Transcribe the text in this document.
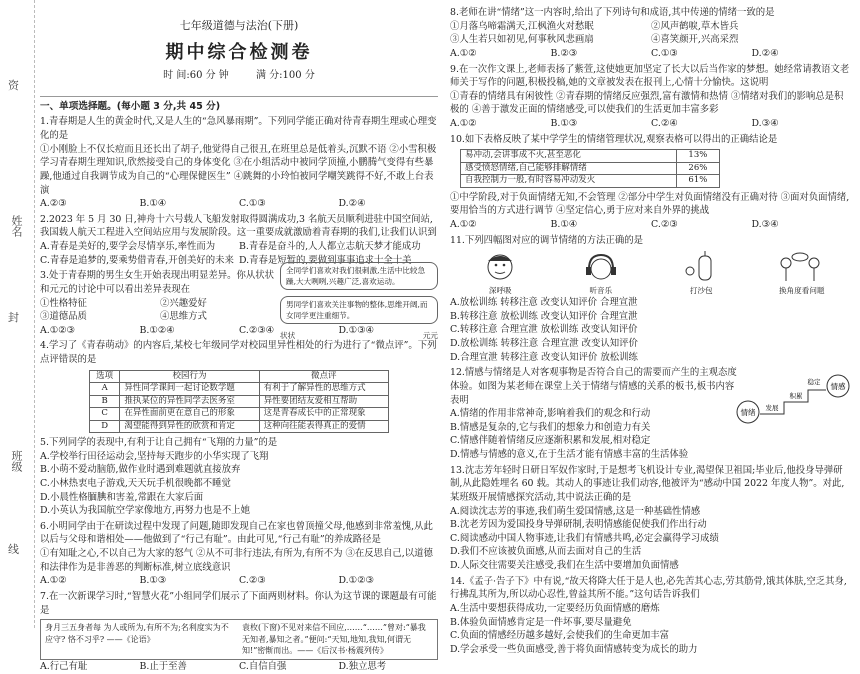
资
姓名
封
班级
线
七年级道德与法治(下册)
期中综合检测卷
时 间:60 分 钟	满 分:100 分
一、单项选择题。(每小题 3 分,共 45 分)

1.青春期是人生的黄金时代,又是人生的“急风暴雨期”。下列同学能正确对待青春期生理或心理变化的是

①小刚脸上不仅长痘而且还长出了胡子,他觉得自己很丑,在班里总是低着头,沉默不语 ②小雪积极学习青春期生理知识,欣然接受自己的身体变化 ③在小组活动中被同学顶撞,小鹏腾气变得有些暴躁,他通过自我调节成为自己的“心理保健医生” ④跳舞的小玲怕被同学嘲笑跳得不好,不敢上台表演

A.②③	B.①④	C.①③	D.②④

2.2023 年 5 月 30 日,神舟十六号载人飞船发射取得圆满成功,3 名航天员顺利进驻中国空间站,我国载人航天工程进入空间站应用与发展阶段。这一重要成就激励着青春期的我们,让我们认识到

A.青春是美好的,要学会尽情享乐,率性而为	B.青春是奋斗的,人人都立志航天梦才能成功
C.青春是追梦的,要乘势借青春,开创美好的未来 D.青春是短暂的,要做到事事追求十全十美

3.处于青春期的男生女生开始表现出明显差异。你从状状和元元的讨论中可以看出差异表现在

①性格特征	②兴趣爱好
③道德品质	④思维方式
A.①②③	B.①②④	C.②③④	D.①③④

4.学习了《青春萌动》的内容后,某校七年级同学对校园里异性相处的行为进行了“微点评”。下列点评错误的是

选项	校园行为	微点评
A	异性同学课间一起讨论数学题	有利于了解异性的思维方式
B	推执某位的异性同学去医务室	异性要团结友爱相互帮助
C	在异性面前更在意自己的形象	这是青春成长中的正常现象
D	渴望能得到异性的欣赏和肯定	这种向往能表得真正的爱情

5.下列同学的表现中,有利于让自己拥有“飞翔的力量”的是

A.学校举行田径运动会,坚持每天跑步的小华实现了飞翔

B.小萌不爱动脑筋,做作业时遇到难题就直接放弃

C.小林热衷电子游戏,天天玩手机很晚都不睡觉

D.小晨性格腼腆和害羞,常跟在大家后面

D.小英认为我国航空学家像地方,再努力也是不上她

6.小明同学由于在研读过程中发现了问题,随即发现自己在家也曾顶撞父母,他感到非常羞愧,从此以后与父母和谐相处——他做到了“行己有耻”。由此可见,“行己有耻”的养成路径是

①有知耻之心,不以自己为大家的怒气 ②从不可非行违法,有所为,有所不为 ③在反思自己,以道德和法律作为是非善恶的判断标准,树立底线意识

A.①②	B.①③	C.②③	D.①②③

7.在一次新课学习时,“智慧火花”小组同学们展示了下面两则材料。你认为这节课的课题最有可能是

身月三五身者每 为人或所为,有所不为;名利度实为不应守? 恪不习乎? ——《论语》
袁枚(下窗)不见对来信不回应,……“……”曾对:“暴我无知者,暴知之者。”便问:“天知,地知,我知,何谓无知!”密惭而出。——《后汉书·杨震列传》
A.行己有耻	B.止于至善	C.自信自强	D.独立思考
全同学们喜欢对我们很刺激,生活中比较急躁,大大咧咧,兴趣广泛,喜欢运动。
男同学们喜欢关注事物的整体,思维开阔,而女同学更注重细节。
状状	元元

8.老师在讲“情绪”这一内容时,给出了下列诗句和成语,其中传递的情绪一致的是

①月落乌啼霜满天,江枫渔火对愁眠	②风声鹤唳,草木皆兵
③人生若只如初见,何事秋风悲画扇	④喜笑颜开,兴高采烈
A.①②	B.②③	C.①③	D.②④

9.在一次作文课上,老师表扬了紫萱,这使她更加坚定了长大以后当作家的梦想。她经常请教语文老师关于写作的问题,积极投稿,她的文章被发表在报刊上,心情十分愉快。这说明

①青春的情绪具有闲彼性 ②青春期的情绪反应强烈,富有激情和热情 ③情绪对我们的影响总是积极的 ④善于激发正面的情绪感受,可以使我们的生活更加丰富多彩

A.①②	B.①③	C.②④	D.③④

10.如下表格反映了某中学学生的情绪管理状况,观察表格可以得出的正确结论是

易冲动,会讲事成不火,甚至恶化	13%
感受愤怒情绪,自己能够排解情绪	26%
自我控制力一般,有时容易冲动发火	61%

①中学阶段,对于负面情绪无知,不会管理 ②部分中学生对负面情绪没有正确对待 ③面对负面情绪,要用恰当的方式进行调节 ④坚定信心,勇于应对来自外界的挑战

A.①②	B.①④	C.②③	D.③④

11.下列四幅图对应的调节情绪的方法正确的是

深呼吸	听音乐	打沙包	换角度看问题

A.放松训练 转移注意 改变认知评价 合理宣泄

B.转移注意 放松训练 改变认知评价 合理宣泄

C.转移注意 合理宣泄 放松训练 改变认知评价

D.放松训练 转移注意 合理宣泄 改变认知评价

D.合理宣泄 转移注意 改变认知评价 放松训练

12.情感与情绪是人对客观事物是否符合自己的需要而产生的主观态度体验。如图为某老师在课堂上关于情绪与情感的关系的板书,板书内容表明

A.情绪的作用非常神奇,影响着我们的观念和行动

B.情感是复杂的,它与我们的想象力和创造力有关

C.情感伴随着情绪反应逐渐积累和发展,相对稳定

D.情感与情感的意义,在于生活才能有情感丰富的生活体验

13.沈志芳年轻时日研日军奴作家时,于是想考飞机设计专业,渴望保卫祖国;毕业后,他投身导弹研制,从此隐姓埋名 60 载。其动人的事迹让我们动容,他被评为“感动中国 2022 年度人物”。对此,某班级开展情感探究活动,其中说法正确的是

A.阅读沈志芳的事迹,我们萌生爱国情感,这是一种基础性情感

B.沈老芳因为爱国投身导弹研制,表明情感能促使我们作出行动

C.阅读感动中国人物事迹,让我们有情感共鸣,必定会赢得学习成绩

D.我们不应该被负面感,从而去面对自己的生活

D.人际交往需要关注感受,我们在生活中要增加负面情感

14.《孟子·告子下》中有说,“故天将降大任于是人也,必先苦其心志,劳其筋骨,饿其体肤,空乏其身,行拂乱其所为,所以动心忍性,曾益其所不能。”这句话告诉我们

A.生活中要想获得成功,一定要经历负面情感的磨炼

B.体验负面情感肯定是一件坏事,要尽量避免

C.负面的情感经历越多越好,会使我们的生命更加丰富

D.学会承受一些负面感受,善于将负面情感转变为成长的助力

情绪 发展
积累
稳定 情感
